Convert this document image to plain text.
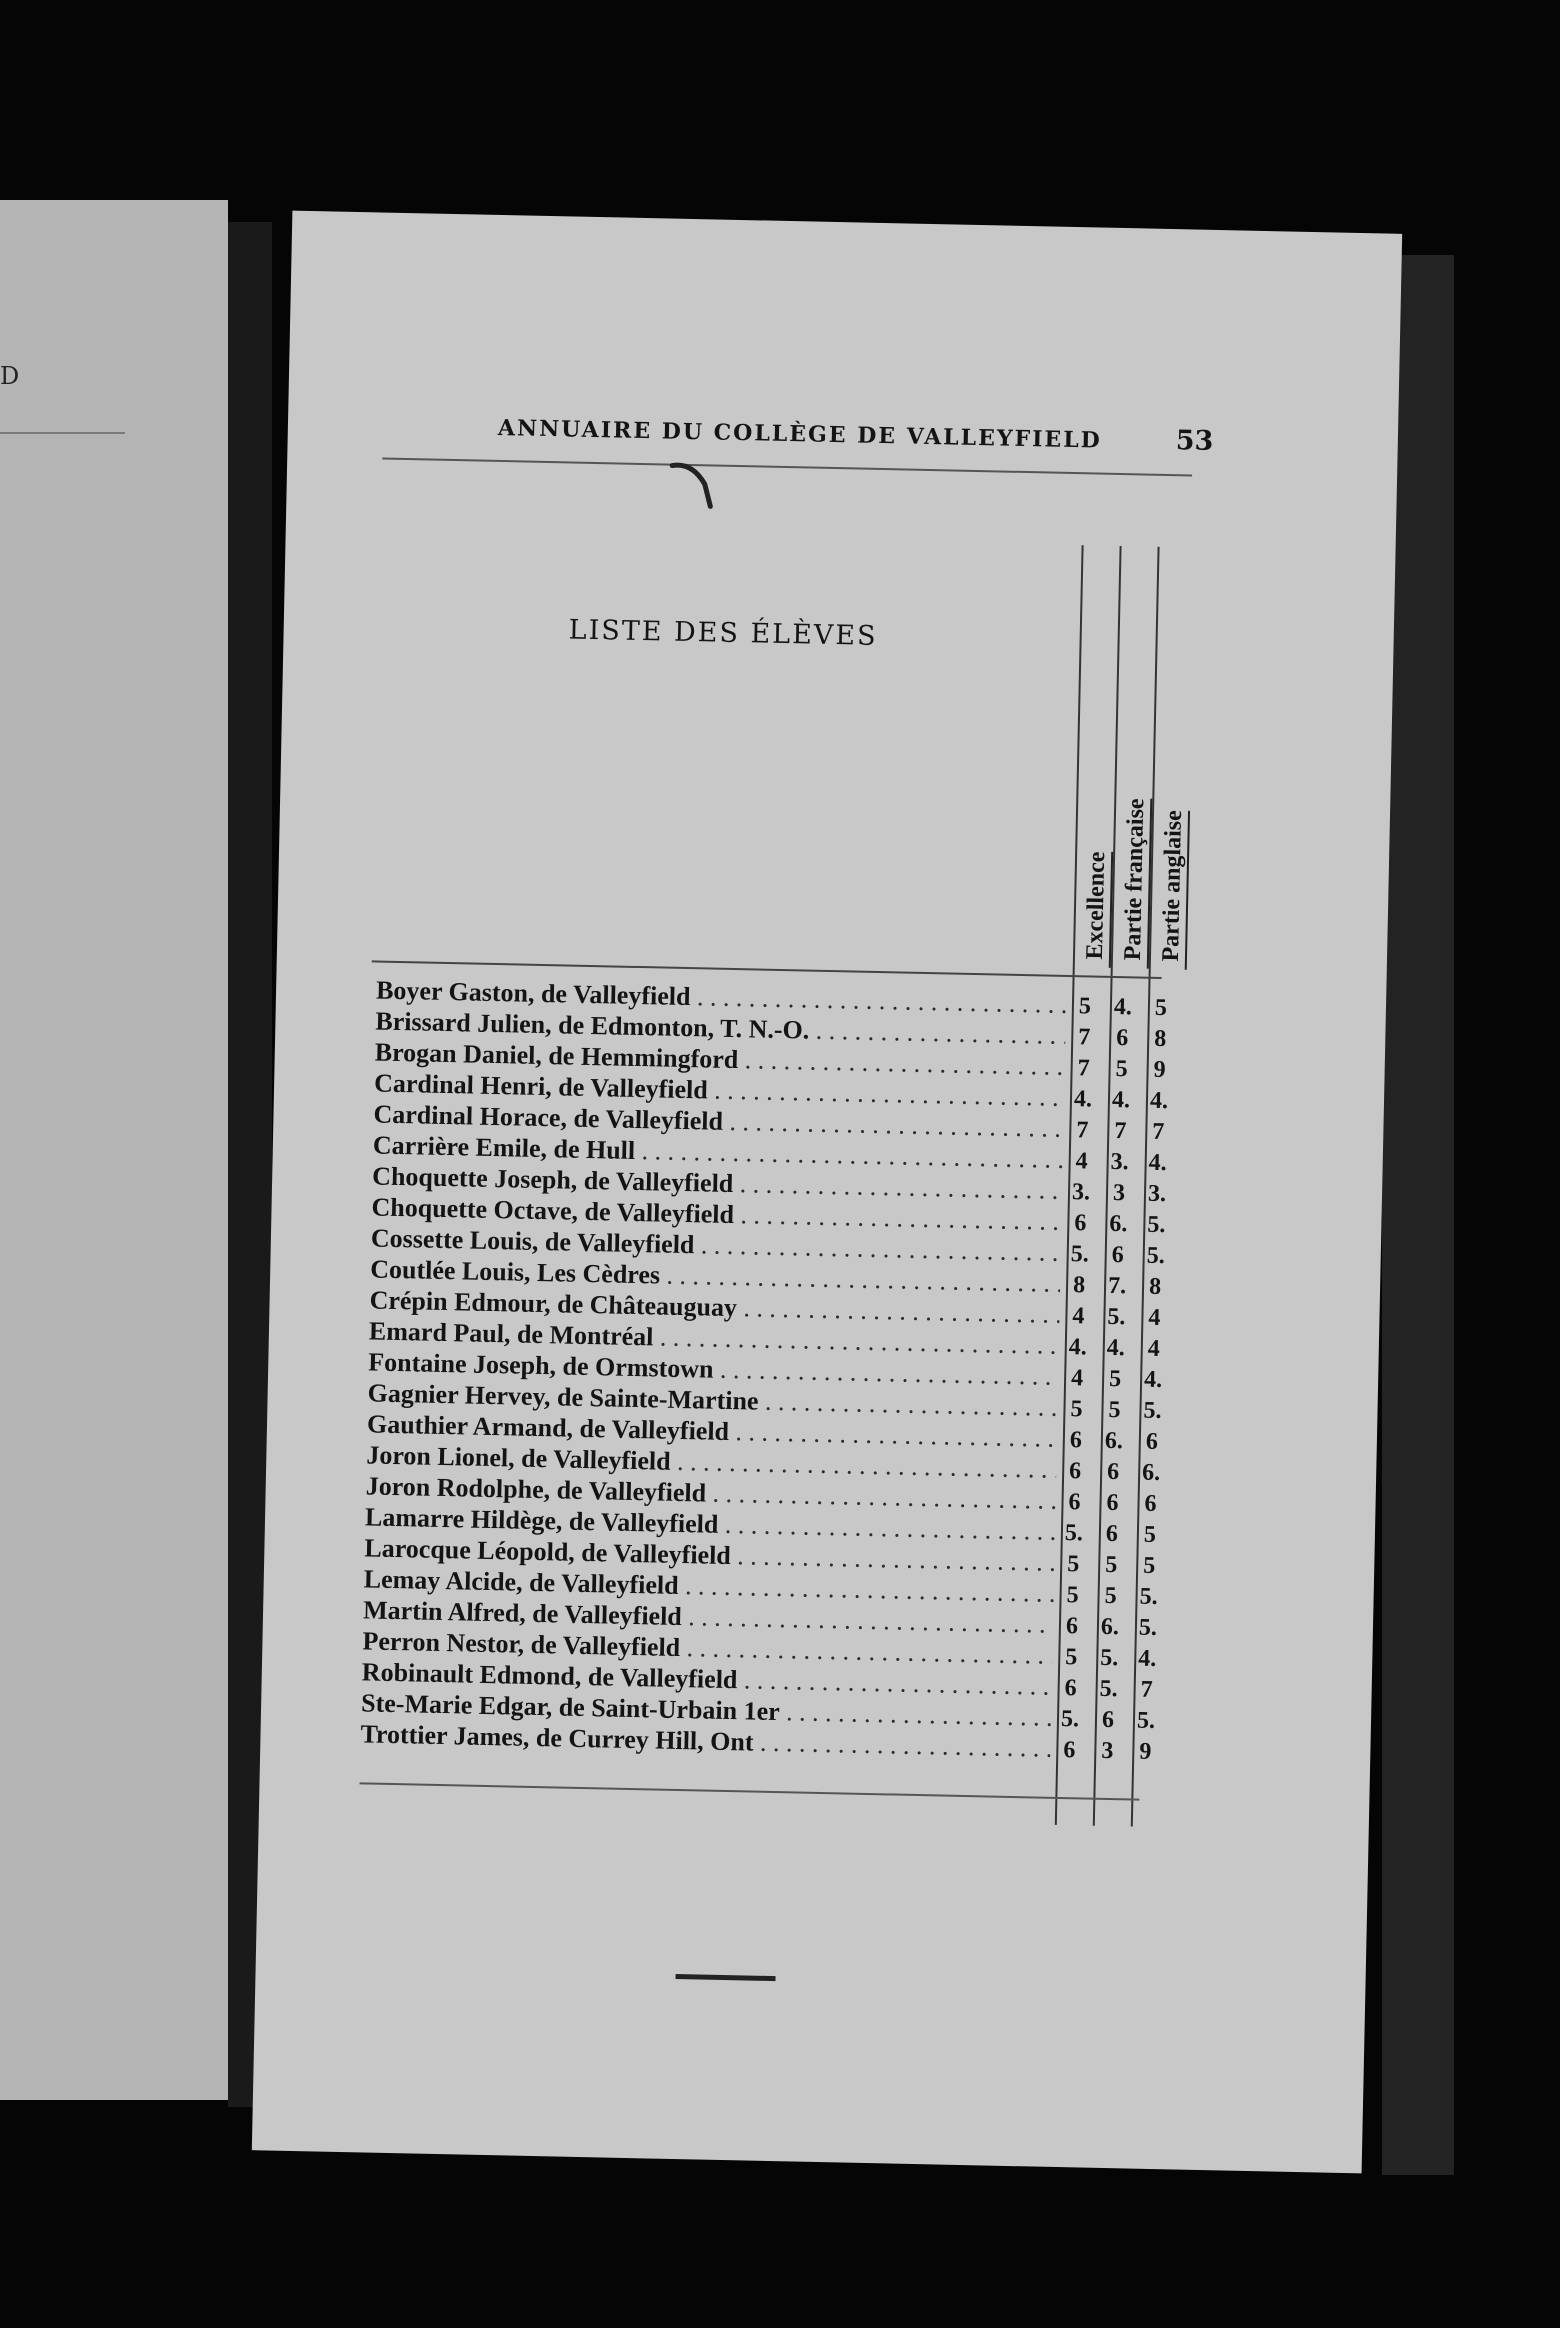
D
ANNUAIRE DU COLLÈGE DE VALLEYFIELD	53
LISTE DES ÉLÈVES
Excellence Partie française Partie anglaise
Boyer Gaston, de Valleyfield . . .	5 4. 5
Brissard Julien, de Edmonton, T. N.-O. . . .	7	6	8
Brogan Daniel, de Hemmingford . . .	7	5	9
Cardinal Henri, de Valleyfield . . .	4. 4. 4.
Cardinal Horace, de Valleyfield . . .	7	7	7
Carrière Emile, de Hull . . .	4 3. 4.
Choquette Joseph, de Valleyfield . . .	3. 3 3.
Choquette Octave, de Valleyfield . . .	6 6. 5.
Cossette Louis, de Valleyfield . . .	5. 6 5.
Coutlée Louis, Les Cèdres . . .	8 7. 8
Crépin Edmour, de Châteauguay . . .	4 5. 4
Emard Paul, de Montréal . . .	4. 4. 4
Fontaine Joseph, de Ormstown . . .	4	5 4.
Gagnier Hervey, de Sainte-Martine . . .	5	5 5.
Gauthier Armand, de Valleyfield . . .	6 6. 6
Joron Lionel, de Valleyfield . . .	6	6 6.
Joron Rodolphe, de Valleyfield . . .	6	6	6
Lamarre Hildège, de Valleyfield . . .	5. 6	5
Larocque Léopold, de Valleyfield . . .	5	5	5
Lemay Alcide, de Valleyfield . . .	5	5 5.
Martin Alfred, de Valleyfield . . .	6 6. 5.
Perron Nestor, de Valleyfield . . .	5 5. 4.
Robinault Edmond, de Valleyfield . . .	6 5. 7
Ste-Marie Edgar, de Saint-Urbain 1er . . .	5. 6 5.
Trottier James, de Currey Hill, Ont . . .	6	3	9
